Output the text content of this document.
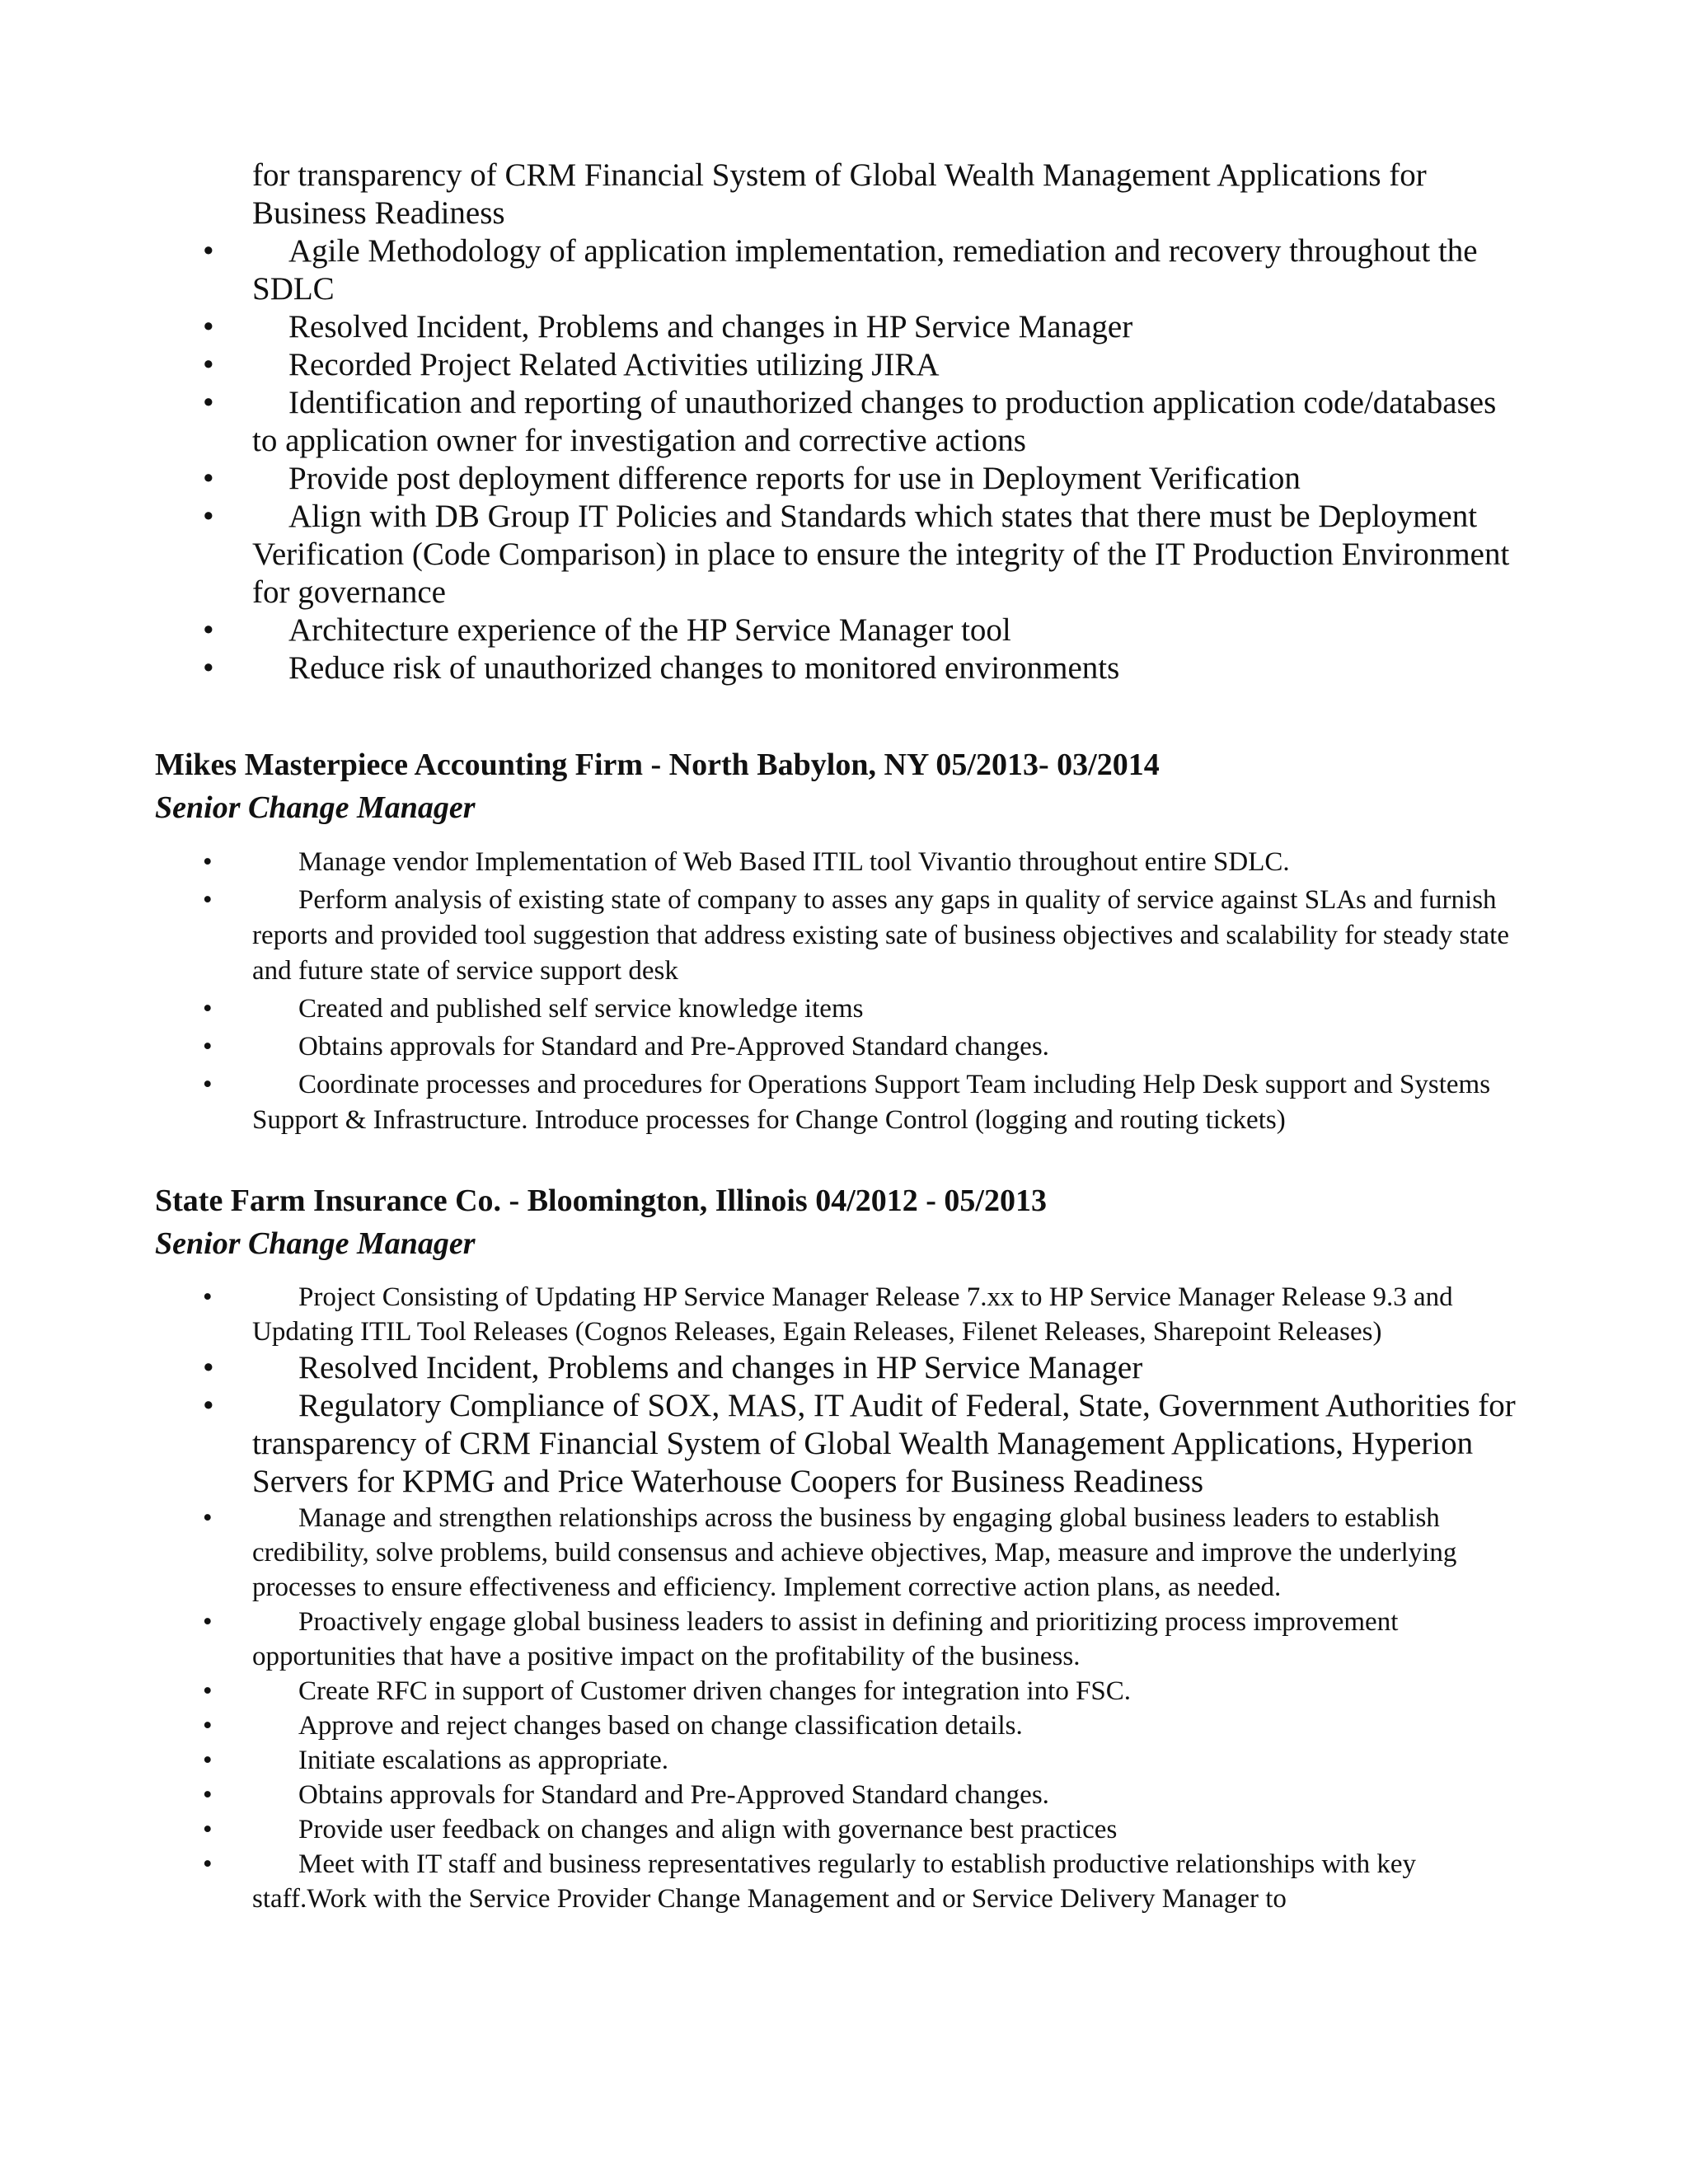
for transparency of CRM Financial System of Global Wealth Management Applications for Business Readiness
•	Agile Methodology of application implementation, remediation and recovery throughout the SDLC
•	Resolved Incident, Problems and changes in HP Service Manager
•	Recorded Project Related Activities utilizing JIRA
•	Identification and reporting of unauthorized changes to production application code/databases to application owner for investigation and corrective actions
•	Provide post deployment difference reports for use in Deployment Verification
•	Align with DB Group IT Policies and Standards which states that there must be Deployment Verification (Code Comparison) in place to ensure the integrity of the IT Production Environment for governance
•	Architecture experience of the HP Service Manager tool
•	Reduce risk of unauthorized changes to monitored environments
Mikes Masterpiece Accounting Firm - North Babylon, NY 05/2013- 03/2014
Senior Change Manager
•	Manage vendor Implementation of Web Based ITIL tool Vivantio throughout entire SDLC.
•	Perform analysis of existing state of company to asses any gaps in quality of service against SLAs and furnish reports and provided tool suggestion that address existing sate of business objectives and scalability for steady state and future state of service support desk
•	Created and published self service knowledge items
•	Obtains approvals for Standard and Pre-Approved Standard changes.
•	Coordinate processes and procedures for Operations Support Team including Help Desk support and Systems Support & Infrastructure. Introduce processes for Change Control (logging and routing tickets)
State Farm Insurance Co. - Bloomington, Illinois 04/2012 - 05/2013
Senior Change Manager
•	Project Consisting of Updating HP Service Manager Release 7.xx to HP Service Manager Release 9.3 and Updating ITIL Tool Releases (Cognos Releases, Egain Releases, Filenet Releases, Sharepoint Releases)
•	Resolved Incident, Problems and changes in HP Service Manager
•	Regulatory Compliance of SOX, MAS, IT Audit of Federal, State, Government Authorities for transparency of CRM Financial System of Global Wealth Management Applications, Hyperion Servers for KPMG and Price Waterhouse Coopers for Business Readiness
•	Manage and strengthen relationships across the business by engaging global business leaders to establish credibility, solve problems, build consensus and achieve objectives, Map, measure and improve the underlying processes to ensure effectiveness and efficiency. Implement corrective action plans, as needed.
•	Proactively engage global business leaders to assist in defining and prioritizing process improvement opportunities that have a positive impact on the profitability of the business.
•	Create RFC in support of Customer driven changes for integration into FSC.
•	Approve and reject changes based on change classification details.
•	Initiate escalations as appropriate.
•	Obtains approvals for Standard and Pre-Approved Standard changes.
•	Provide user feedback on changes and align with governance best practices
•	Meet with IT staff and business representatives regularly to establish productive relationships with key staff.Work with the Service Provider Change Management and or Service Delivery Manager to
